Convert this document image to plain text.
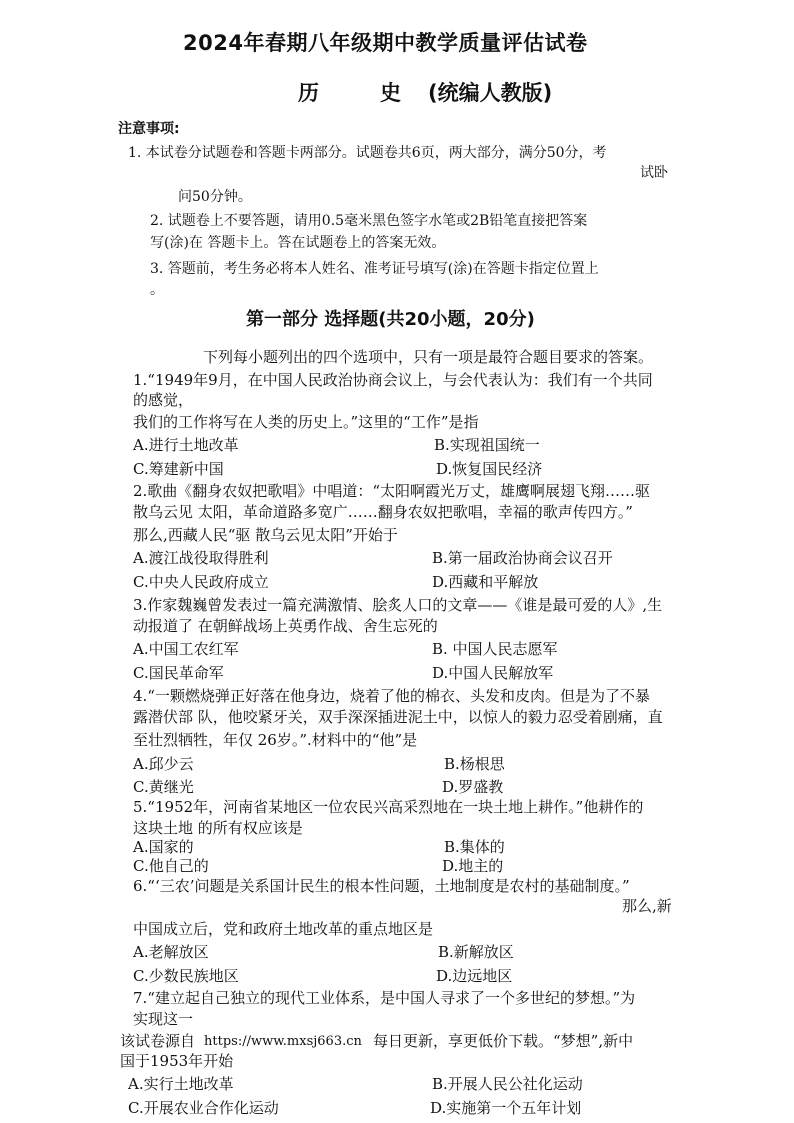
2024年春期八年级期中教学质量评估试卷
历	史 (统编人教版)
注意事项:
1. 本试卷分试题卷和答题卡两部分。试题卷共6页，两大部分，满分50分，考
试卧
问50分钟。
2. 试题卷上不要答题，请用0.5毫米黑色签字水笔或2B铅笔直接把答案
写(涂)在 答题卡上。答在试题卷上的答案无效。
3. 答题前，考生务必将本人姓名、准考证号填写(涂)在答题卡指定位置上
。
第一部分 选择题(共20小题，20分)
下列每小题列出的四个选项中，只有一项是最符合题目要求的答案。
1.“1949年9月，在中国人民政治协商会议上，与会代表认为：我们有一个共同
的感觉，
我们的工作将写在人类的历史上。”这里的“工作”是指
A.进行土地改革	B.实现祖国统一
C.筹建新中国	D.恢复国民经济
2.歌曲《翻身农奴把歌唱》中唱道：“太阳啊霞光万丈，雄鹰啊展翅飞翔……驱
散乌云见 太阳，革命道路多宽广……翻身农奴把歌唱，幸福的歌声传四方。”
那么,西藏人民“驱 散乌云见太阳”开始于
A.渡江战役取得胜利	B.第一届政治协商会议召开
C.中央人民政府成立	D.西藏和平解放
3.作家魏巍曾发表过一篇充满激情、脍炙人口的文章——《谁是最可爱的人》,生
动报道了 在朝鲜战场上英勇作战、舍生忘死的
A.中国工农红军	B. 中国人民志愿军
C.国民革命军	D.中国人民解放军
4.“一颗燃烧弹正好落在他身边，烧着了他的棉衣、头发和皮肉。但是为了不暴
露潜伏部 队，他咬紧牙关，双手深深插进泥土中，以惊人的毅力忍受着剧痛，直
至壮烈牺牲，年仅 26岁。”.材料中的“他”是
A.邱少云	B.杨根思
C.黄继光	D.罗盛教
5.“1952年，河南省某地区一位农民兴高采烈地在一块土地上耕作。”他耕作的
这块土地 的所有权应该是
A.国家的	B.集体的
C.他自己的	D.地主的
6.“‘三农’问题是关系国计民生的根本性问题，土地制度是农村的基础制度。”
那么,新
中国成立后，党和政府土地改革的重点地区是
A.老解放区	B.新解放区
C.少数民族地区	D.边远地区
7.“建立起自己独立的现代工业体系，是中国人寻求了一个多世纪的梦想。”为
实现这一
该试卷源自 https://www.mxsj663.cn 每日更新，享更低价下载。“梦想”,新中
国于1953年开始
A.实行土地改革	B.开展人民公社化运动
C.开展农业合作化运动	D.实施第一个五年计划
